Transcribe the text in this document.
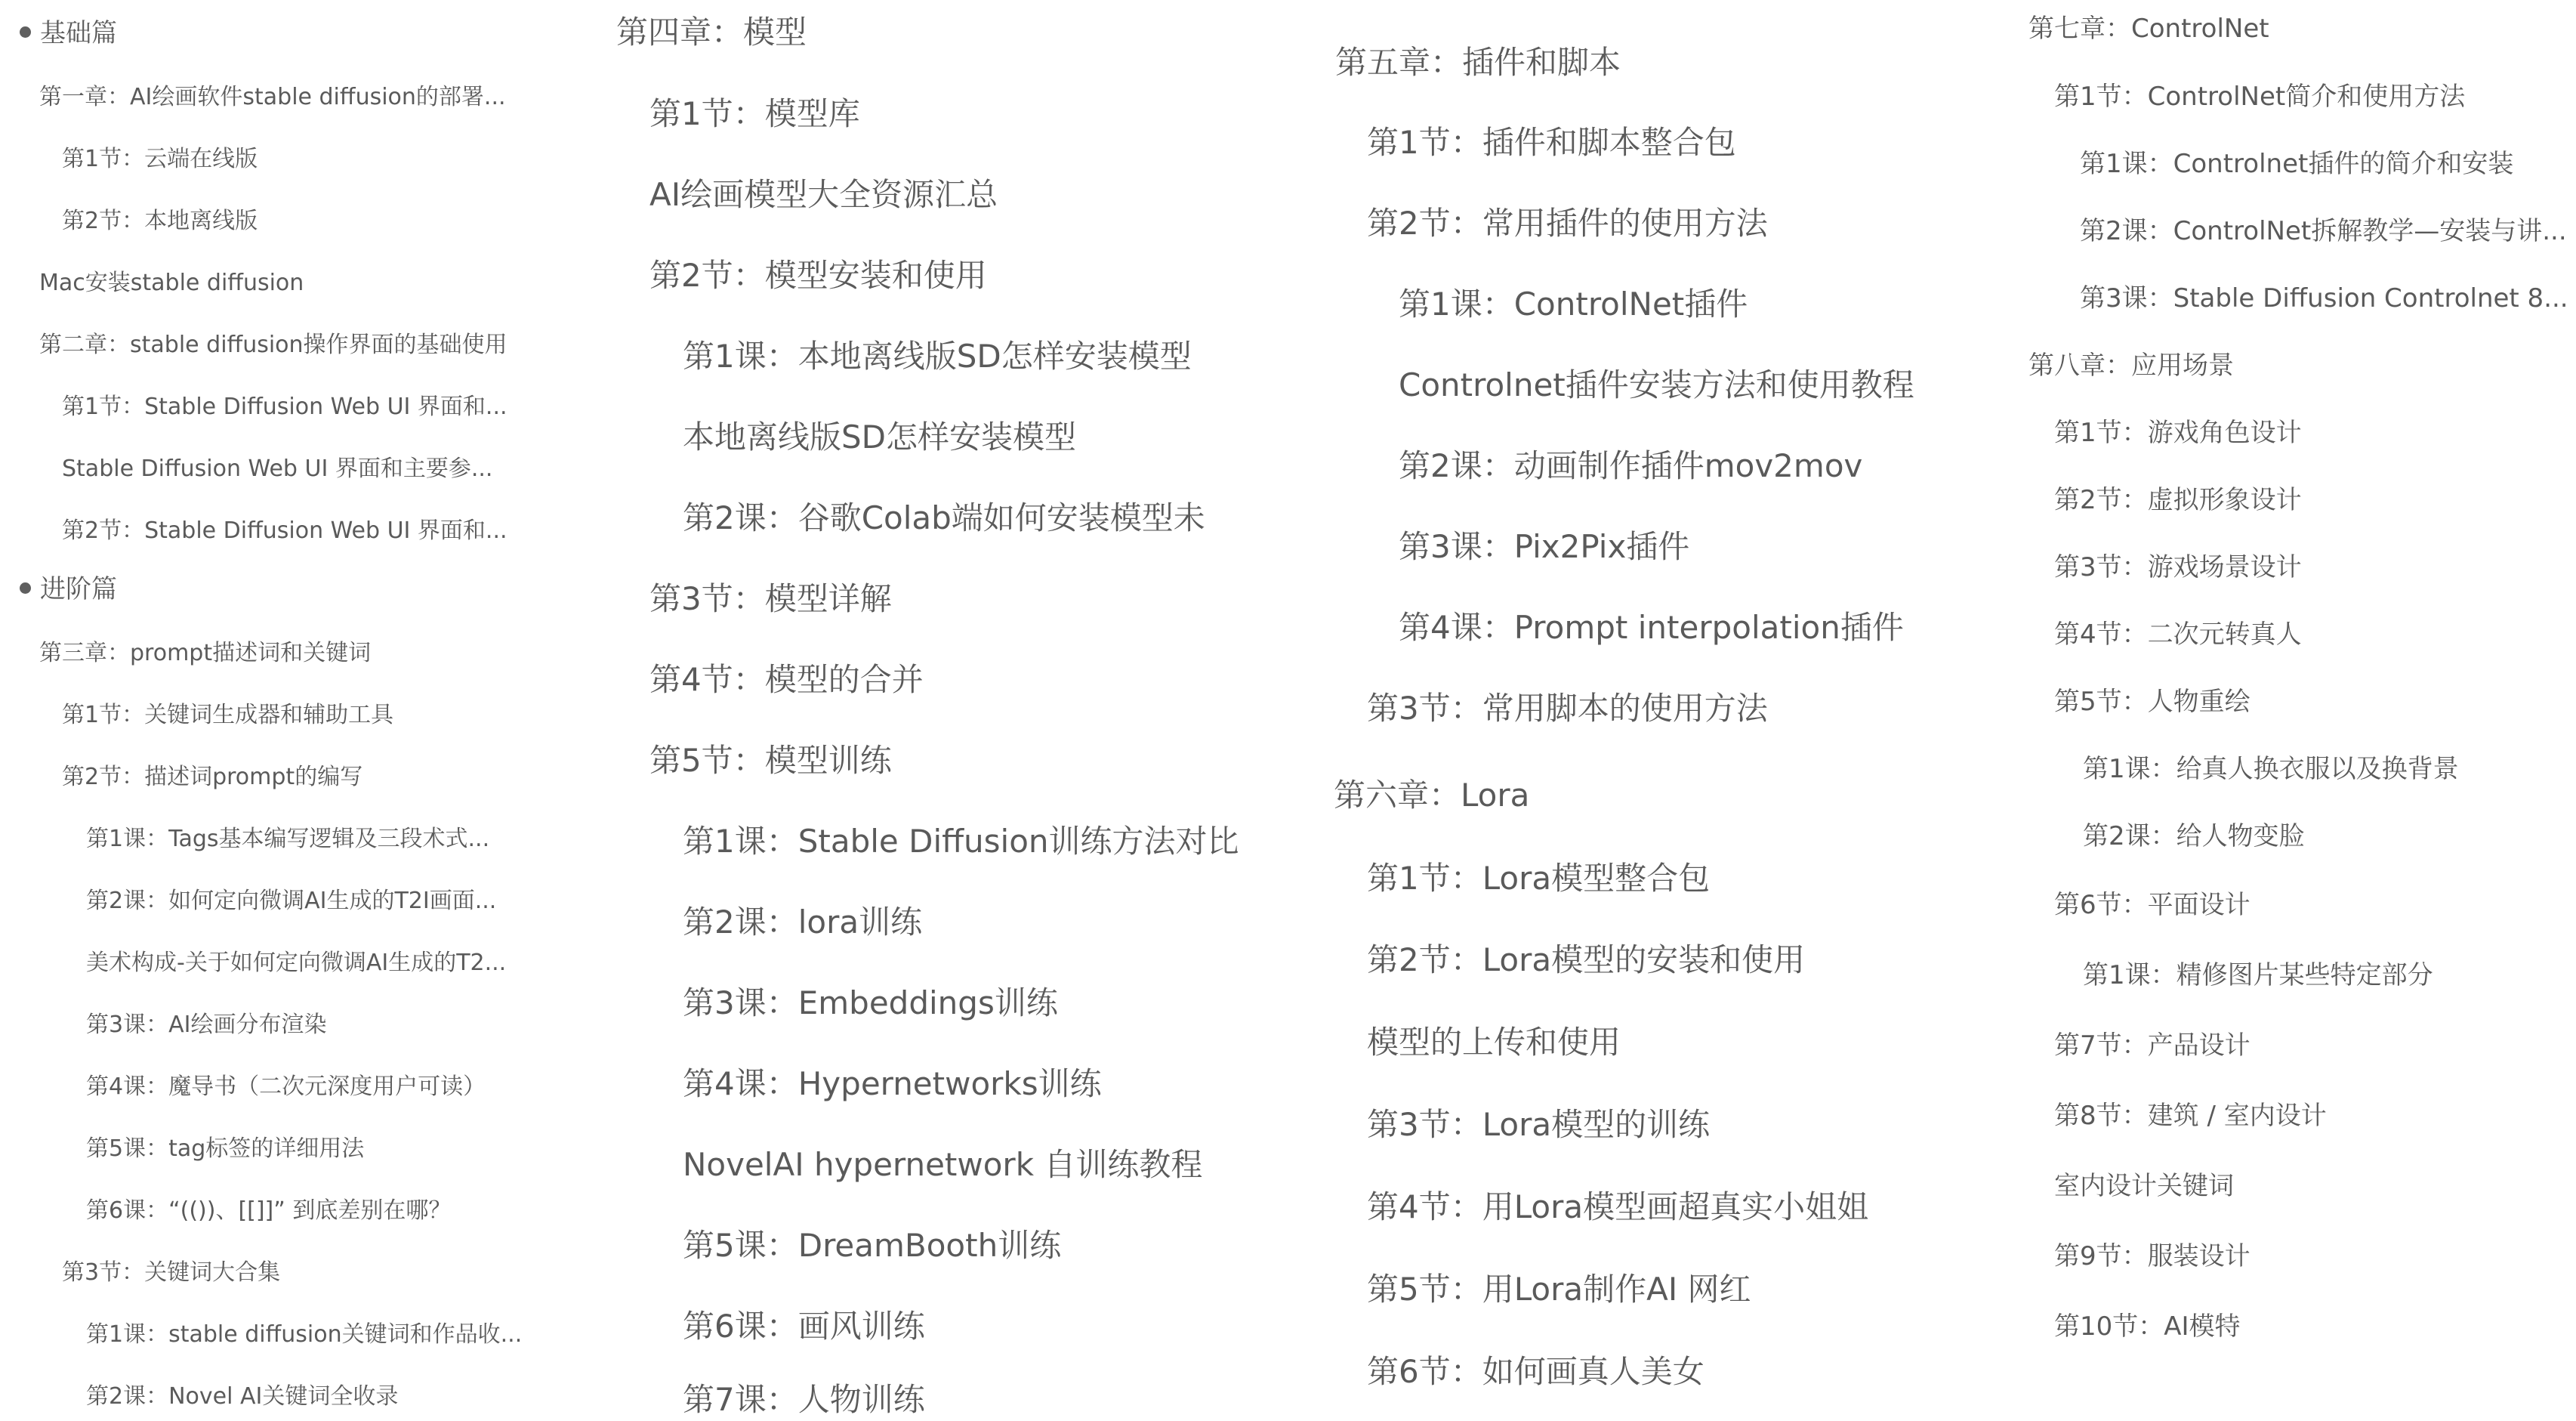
基础篇
第一章：AI绘画软件stable diffusion的部署...
第1节：云端在线版
第2节：本地离线版
Mac安装stable diffusion
第二章：stable diffusion操作界面的基础使用
第1节：Stable Diffusion Web UI 界面和...
Stable Diffusion Web UI 界面和主要参...
第2节：Stable Diffusion Web UI 界面和...
进阶篇
第三章：prompt描述词和关键词
第1节：关键词生成器和辅助工具
第2节：描述词prompt的编写
第1课：Tags基本编写逻辑及三段术式...
第2课：如何定向微调AI生成的T2I画面...
美术构成-关于如何定向微调AI生成的T2...
第3课：AI绘画分布渲染
第4课：魔导书（二次元深度用户可读）
第5课：tag标签的详细用法
第6课：“(())、[[]]” 到底差别在哪？
第3节：关键词大合集
第1课：stable diffusion关键词和作品收...
第2课：Novel AI关键词全收录
第四章：模型
第1节：模型库
AI绘画模型大全资源汇总
第2节：模型安装和使用
第1课：本地离线版SD怎样安装模型
本地离线版SD怎样安装模型
第2课：谷歌Colab端如何安装模型未
第3节：模型详解
第4节：模型的合并
第5节：模型训练
第1课：Stable Diffusion训练方法对比
第2课：lora训练
第3课：Embeddings训练
第4课：Hypernetworks训练
NovelAI hypernetwork 自训练教程
第5课：DreamBooth训练
第6课：画风训练
第7课：人物训练
第五章：插件和脚本
第1节：插件和脚本整合包
第2节：常用插件的使用方法
第1课：ControlNet插件
Controlnet插件安装方法和使用教程
第2课：动画制作插件mov2mov
第3课：Pix2Pix插件
第4课：Prompt interpolation插件
第3节：常用脚本的使用方法
第六章：Lora
第1节：Lora模型整合包
第2节：Lora模型的安装和使用
模型的上传和使用
第3节：Lora模型的训练
第4节：用Lora模型画超真实小姐姐
第5节：用Lora制作AI 网红
第6节：如何画真人美女
第七章：ControlNet
第1节：ControlNet简介和使用方法
第1课：Controlnet插件的简介和安装
第2课：ControlNet拆解教学—安装与讲...
第3课：Stable Diffusion Controlnet 8...
第八章：应用场景
第1节：游戏角色设计
第2节：虚拟形象设计
第3节：游戏场景设计
第4节：二次元转真人
第5节：人物重绘
第1课：给真人换衣服以及换背景
第2课：给人物变脸
第6节：平面设计
第1课：精修图片某些特定部分
第7节：产品设计
第8节：建筑 / 室内设计
室内设计关键词
第9节：服装设计
第10节：AI模特
